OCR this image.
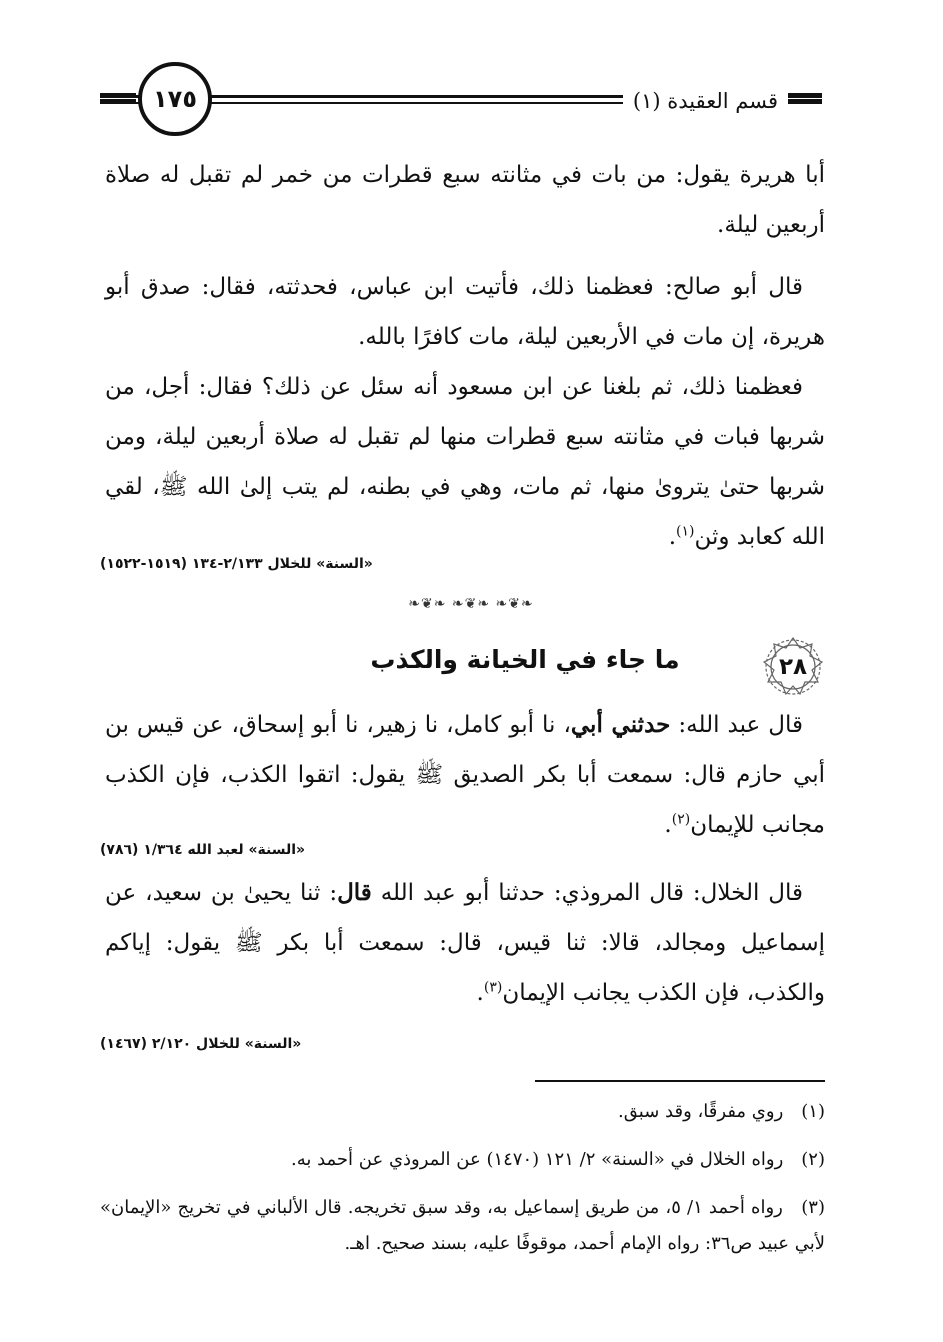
١٧٥	قسم العقيدة (١)
أبا هريرة يقول: من بات في مثانته سبع قطرات من خمر لم تقبل له صلاة أربعين ليلة.
قال أبو صالح: فعظمنا ذلك، فأتيت ابن عباس، فحدثته، فقال: صدق أبو هريرة، إن مات في الأربعين ليلة، مات كافرًا بالله.
فعظمنا ذلك، ثم بلغنا عن ابن مسعود أنه سئل عن ذلك؟ فقال: أجل، من شربها فبات في مثانته سبع قطرات منها لم تقبل له صلاة أربعين ليلة، ومن شربها حتىٰ يترویٰ منها، ثم مات، وهي في بطنه، لم يتب إلىٰ الله ﷺ، لقي الله كعابد وثن$^{(١)}$.
«السنة» للخلال ٢/١٣٣-١٣٤ (١٥١٩-١٥٢٢)
❧❦❧ ❧❦❧ ❧❦❧
٢٨
ما جاء في الخيانة والكذب
قال عبد الله: حدثني أبي، نا أبو كامل، نا زهير، نا أبو إسحاق، عن قيس بن أبي حازم قال: سمعت أبا بكر الصديق ﷺ يقول: اتقوا الكذب، فإن الكذب مجانب للإيمان$^{(٢)}$.
«السنة» لعبد الله ١/٣٦٤ (٧٨٦)
قال الخلال: قال المروذي: حدثنا أبو عبد الله قال: ثنا يحيىٰ بن سعيد، عن إسماعيل ومجالد، قالا: ثنا قيس، قال: سمعت أبا بكر ﷺ يقول: إياكم والكذب، فإن الكذب يجانب الإيمان$^{(٣)}$.
«السنة» للخلال ٢/١٢٠ (١٤٦٧)
(١) روي مفرقًا، وقد سبق.
(٢) رواه الخلال في «السنة» ٢/ ١٢١ (١٤٧٠) عن المروذي عن أحمد به.
(٣) رواه أحمد ١/ ٥، من طريق إسماعيل به، وقد سبق تخريجه. قال الألباني في تخريج «الإيمان» لأبي عبيد ص٣٦: رواه الإمام أحمد، موقوفًا عليه، بسند صحيح. اهـ.
